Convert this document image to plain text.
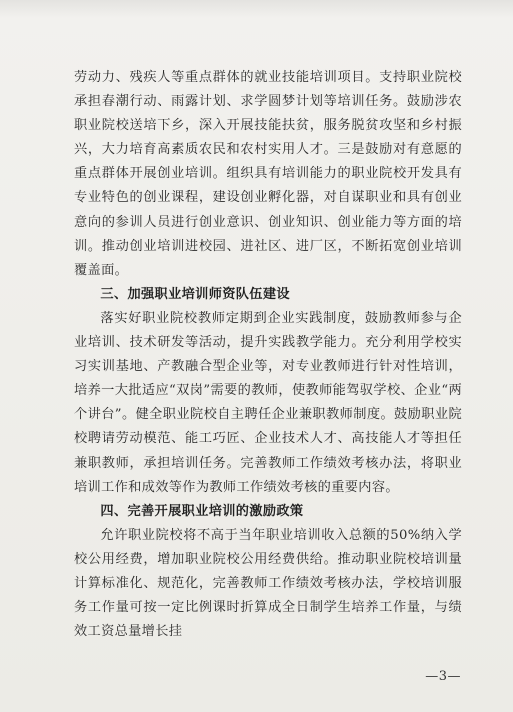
劳动力、残疾人等重点群体的就业技能培训项目。支持职业院校承担春潮行动、雨露计划、求学圆梦计划等培训任务。鼓励涉农职业院校送培下乡，深入开展技能扶贫，服务脱贫攻坚和乡村振兴，大力培育高素质农民和农村实用人才。三是鼓励对有意愿的重点群体开展创业培训。组织具有培训能力的职业院校开发具有专业特色的创业课程，建设创业孵化器，对自谋职业和具有创业意向的参训人员进行创业意识、创业知识、创业能力等方面的培训。推动创业培训进校园、进社区、进厂区，不断拓宽创业培训覆盖面。

三、加强职业培训师资队伍建设

落实好职业院校教师定期到企业实践制度，鼓励教师参与企业培训、技术研发等活动，提升实践教学能力。充分利用学校实习实训基地、产教融合型企业等，对专业教师进行针对性培训，培养一大批适应“双岗”需要的教师，使教师能驾驭学校、企业“两个讲台”。健全职业院校自主聘任企业兼职教师制度。鼓励职业院校聘请劳动模范、能工巧匠、企业技术人才、高技能人才等担任兼职教师，承担培训任务。完善教师工作绩效考核办法，将职业培训工作和成效等作为教师工作绩效考核的重要内容。

四、完善开展职业培训的激励政策

允许职业院校将不高于当年职业培训收入总额的50%纳入学校公用经费，增加职业院校公用经费供给。推动职业院校培训量计算标准化、规范化，完善教师工作绩效考核办法，学校培训服务工作量可按一定比例课时折算成全日制学生培养工作量，与绩效工资总量增长挂

—3—
